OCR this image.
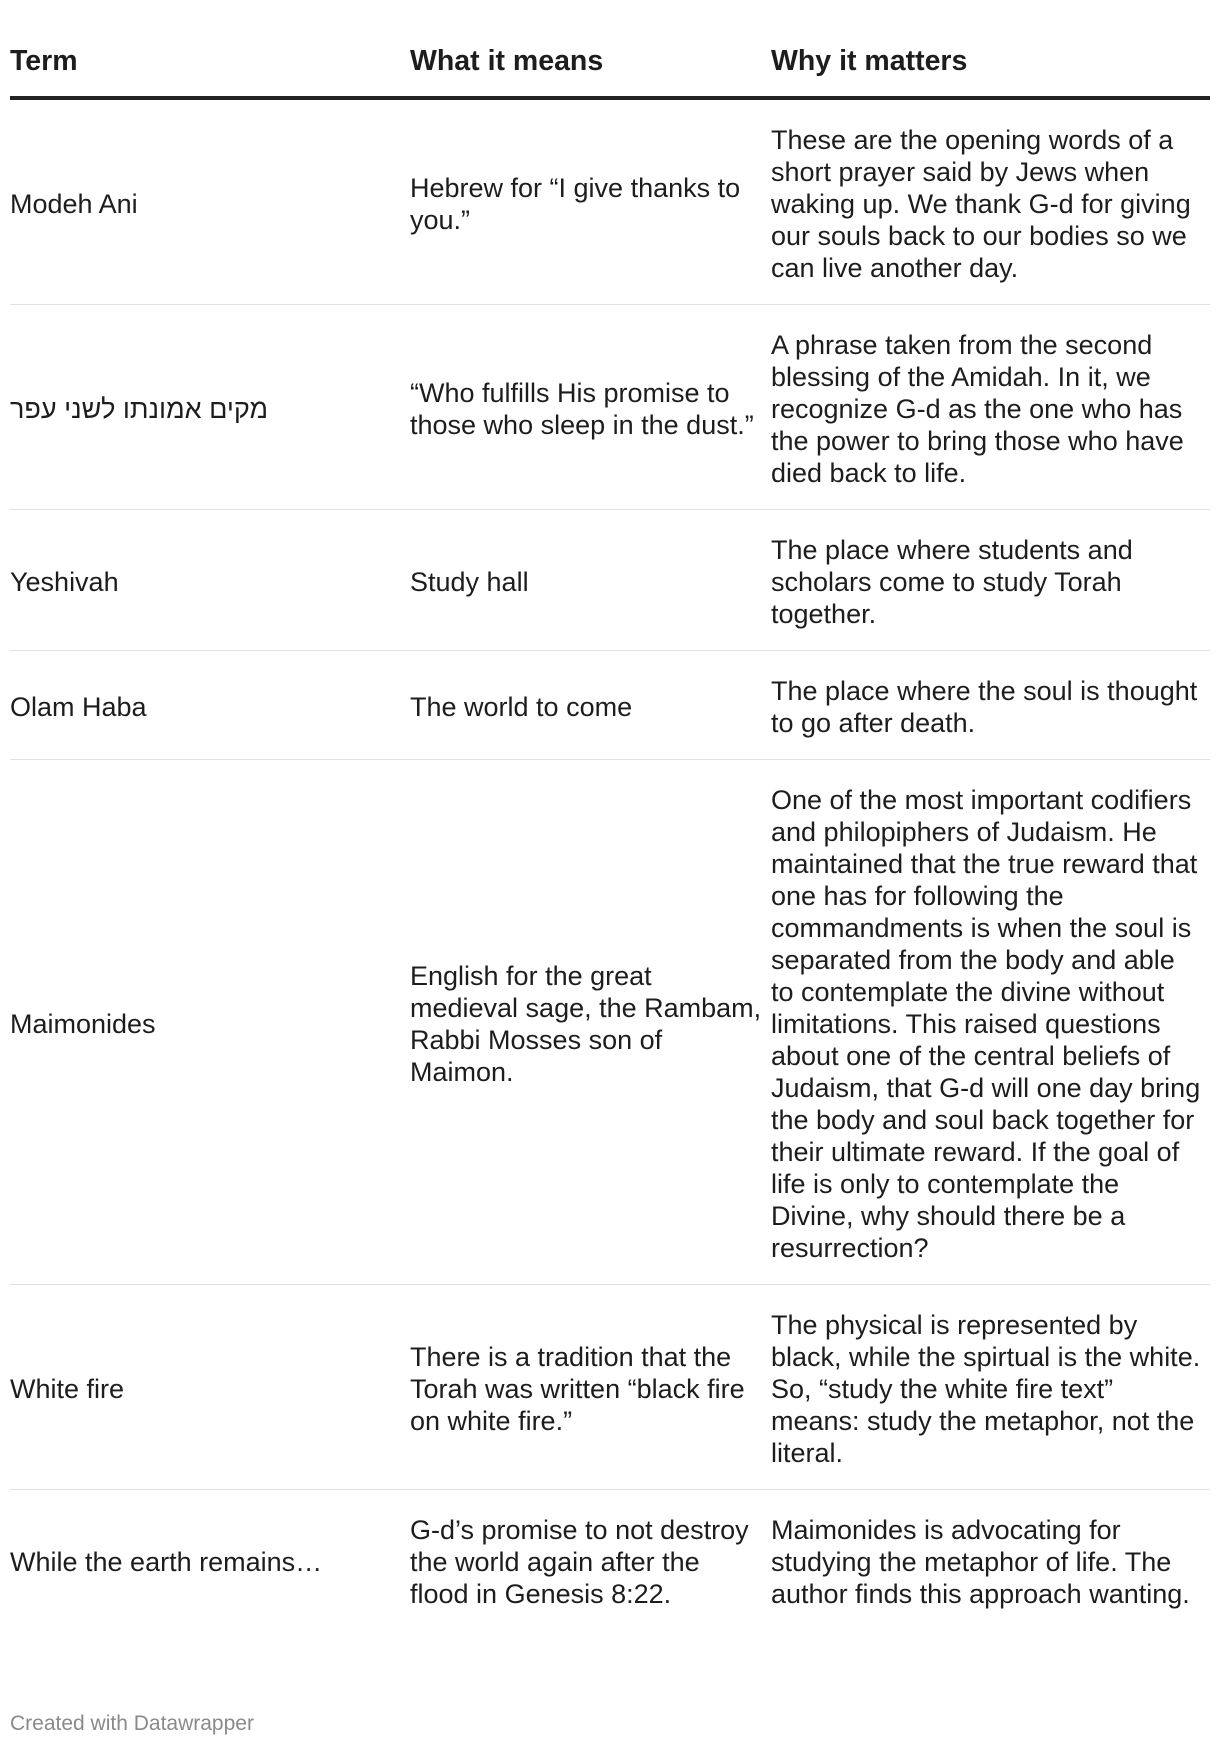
Term	What it means	Why it matters
Modeh Ani	Hebrew for “I give thanks to you.”	These are the opening words of a short prayer said by Jews when waking up. We thank G-d for giving our souls back to our bodies so we can live another day.
מקים אמונתו לשני עפר	“Who fulfills His promise to those who sleep in the dust.”	A phrase taken from the second blessing of the Amidah. In it, we recognize G-d as the one who has the power to bring those who have died back to life.
Yeshivah	Study hall	The place where students and scholars come to study Torah together.
Olam Haba	The world to come	The place where the soul is thought to go after death.
Maimonides	English for the great medieval sage, the Rambam, Rabbi Mosses son of Maimon.	One of the most important codifiers and philopiphers of Judaism. He maintained that the true reward that one has for following the commandments is when the soul is separated from the body and able to contemplate the divine without limitations. This raised questions about one of the central beliefs of Judaism, that G-d will one day bring the body and soul back together for their ultimate reward. If the goal of life is only to contemplate the Divine, why should there be a resurrection?
White fire	There is a tradition that the Torah was written “black fire on white fire.”	The physical is represented by black, while the spirtual is the white. So, “study the white fire text” means: study the metaphor, not the literal.
While the earth remains…	G-d’s promise to not destroy the world again after the flood in Genesis 8:22.	Maimonides is advocating for studying the metaphor of life. The author finds this approach wanting.
Created with Datawrapper
